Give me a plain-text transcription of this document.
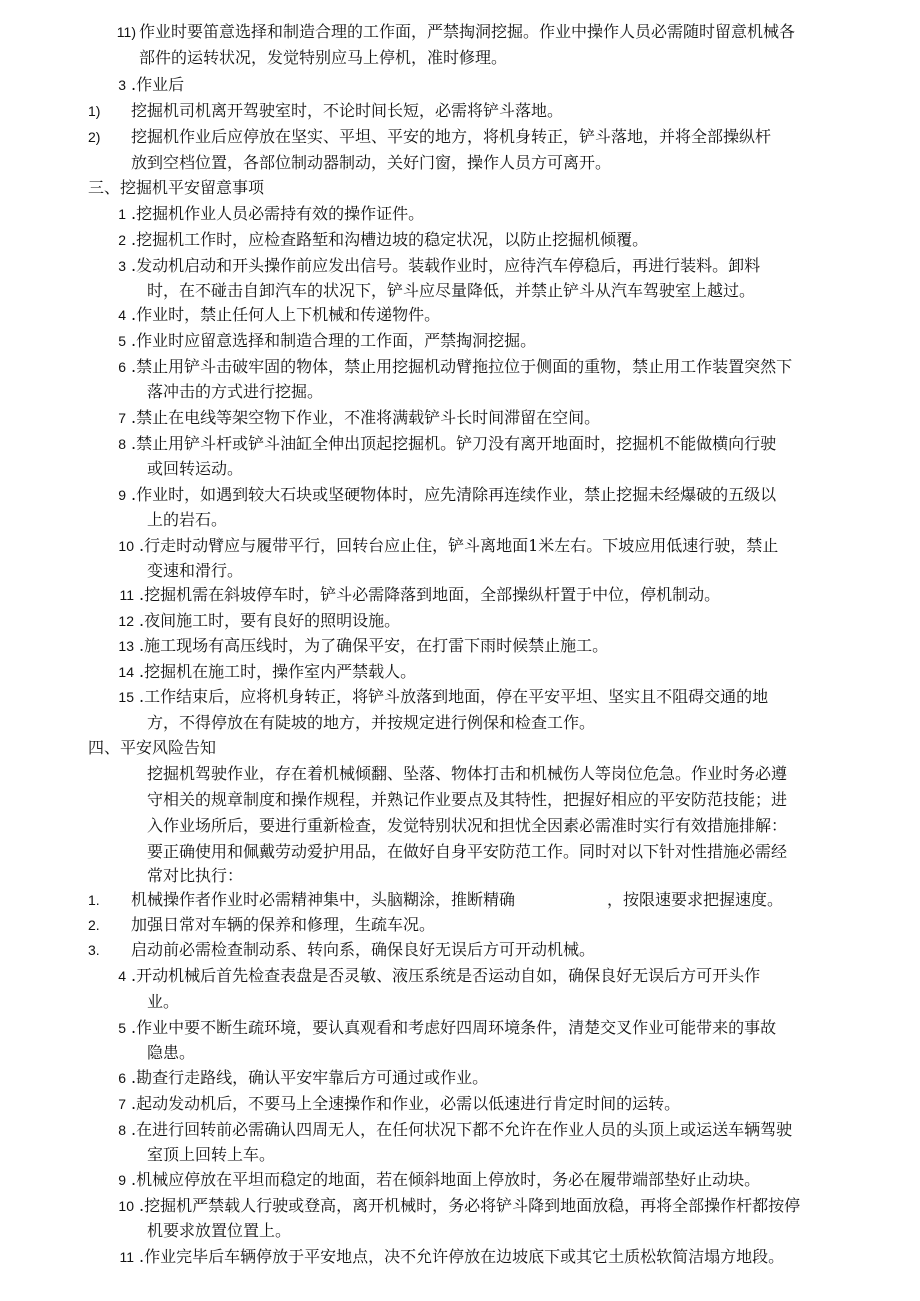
11) 作业时要笛意选择和制造合理的工作面，严禁掏洞挖掘。作业中操作人员必需随时留意机械各
部件的运转状况，发觉特别应马上停机，准时修理。
3 .作业后
1)	挖掘机司机离开驾驶室时，不论时间长短，必需将铲斗落地。
2)	挖掘机作业后应停放在坚实、平坦、平安的地方，将机身转正，铲斗落地，并将全部操纵杆
放到空档位置，各部位制动器制动，关好门窗，操作人员方可离开。
三、挖掘机平安留意事项
1 .挖掘机作业人员必需持有效的操作证件。
2 .挖掘机工作时，应检查路堑和沟槽边坡的稳定状况，以防止挖掘机倾覆。
3 .发动机启动和开头操作前应发出信号。装载作业时，应待汽车停稳后，再进行装料。卸料
时，在不碰击自卸汽车的状况下，铲斗应尽量降低，并禁止铲斗从汽车驾驶室上越过。
4 .作业时，禁止任何人上下机械和传递物件。
5 .作业时应留意选择和制造合理的工作面，严禁掏洞挖掘。
6 .禁止用铲斗击破牢固的物体，禁止用挖掘机动臂拖拉位于侧面的重物，禁止用工作装置突然下
落冲击的方式进行挖掘。
7 .禁止在电线等架空物下作业，不准将满载铲斗长时间滞留在空间。
8 .禁止用铲斗杆或铲斗油缸全伸出顶起挖掘机。铲刀没有离开地面时，挖掘机不能做横向行驶
或回转运动。
9 .作业时，如遇到较大石块或坚硬物体时，应先清除再连续作业，禁止挖掘未经爆破的五级以
上的岩石。
10 .行走时动臂应与履带平行，回转台应止住，铲斗离地面1米左右。下坡应用低速行驶，禁止
变速和滑行。
11 .挖掘机需在斜坡停车时，铲斗必需降落到地面，全部操纵杆置于中位，停机制动。
12 .夜间施工时，要有良好的照明设施。
13 .施工现场有高压线时，为了确保平安，在打雷下雨时候禁止施工。
14 .挖掘机在施工时，操作室内严禁载人。
15 .工作结束后，应将机身转正，将铲斗放落到地面，停在平安平坦、坚实且不阻碍交通的地
方，不得停放在有陡坡的地方，并按规定进行例保和检查工作。
四、平安风险告知
挖掘机驾驶作业，存在着机械倾翻、坠落、物体打击和机械伤人等岗位危急。作业时务必遵
守相关的规章制度和操作规程，并熟记作业要点及其特性，把握好相应的平安防范技能；进
入作业场所后，要进行重新检查，发觉特别状况和担忧全因素必需准时实行有效措施排解：
要正确使用和佩戴劳动爱护用品，在做好自身平安防范工作。同时对以下针对性措施必需经
常对比执行：
1.	机械操作者作业时必需精神集中，头脑糊涂，推断精确	，按限速要求把握速度。
2.	加强日常对车辆的保养和修理，生疏车况。
3.	启动前必需检查制动系、转向系，确保良好无误后方可开动机械。
4 .开动机械后首先检查表盘是否灵敏、液压系统是否运动自如，确保良好无误后方可开头作
业。
5 .作业中要不断生疏环境，要认真观看和考虑好四周环境条件，清楚交叉作业可能带来的事故
隐患。
6 .勘查行走路线，确认平安牢靠后方可通过或作业。
7 .起动发动机后，不要马上全速操作和作业，必需以低速进行肯定时间的运转。
8 .在进行回转前必需确认四周无人，在任何状况下都不允许在作业人员的头顶上或运送车辆驾驶
室顶上回转上车。
9 .机械应停放在平坦而稳定的地面，若在倾斜地面上停放时，务必在履带端部垫好止动块。
10 .挖掘机严禁载人行驶或登高，离开机械时，务必将铲斗降到地面放稳，再将全部操作杆都按停
机要求放置位置上。
11 .作业完毕后车辆停放于平安地点，决不允许停放在边坡底下或其它土质松软简洁塌方地段。
